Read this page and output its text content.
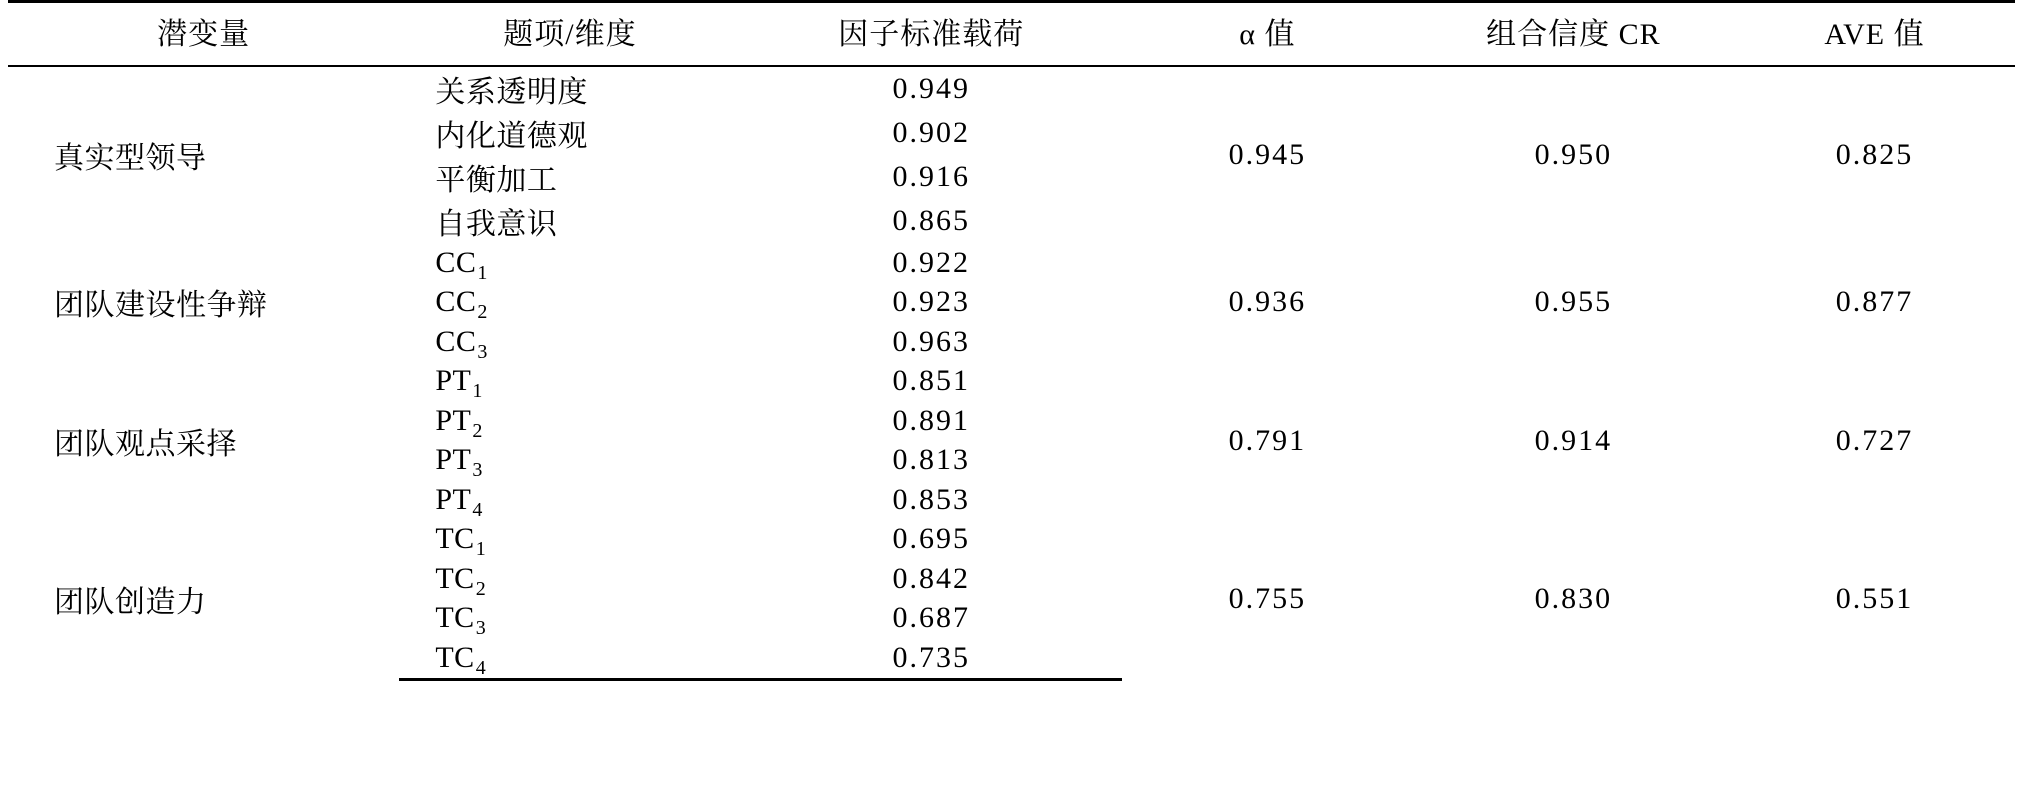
潜变量	题项/维度	因子标准载荷	α 值	组合信度 CR	AVE 值
真实型领导	关系透明度	0.949	0.945	0.950	0.825
	内化道德观	0.902			
	平衡加工	0.916			
	自我意识	0.865			
团队建设性争辩	$CC_1$	0.922	0.936	0.955	0.877
	$CC_2$	0.923			
	$CC_3$	0.963			
团队观点采择	$PT_1$	0.851	0.791	0.914	0.727
	$PT_2$	0.891			
	$PT_3$	0.813			
	$PT_4$	0.853			
团队创造力	$TC_1$	0.695	0.755	0.830	0.551
	$TC_2$	0.842			
	$TC_3$	0.687			
	$TC_4$	0.735			
